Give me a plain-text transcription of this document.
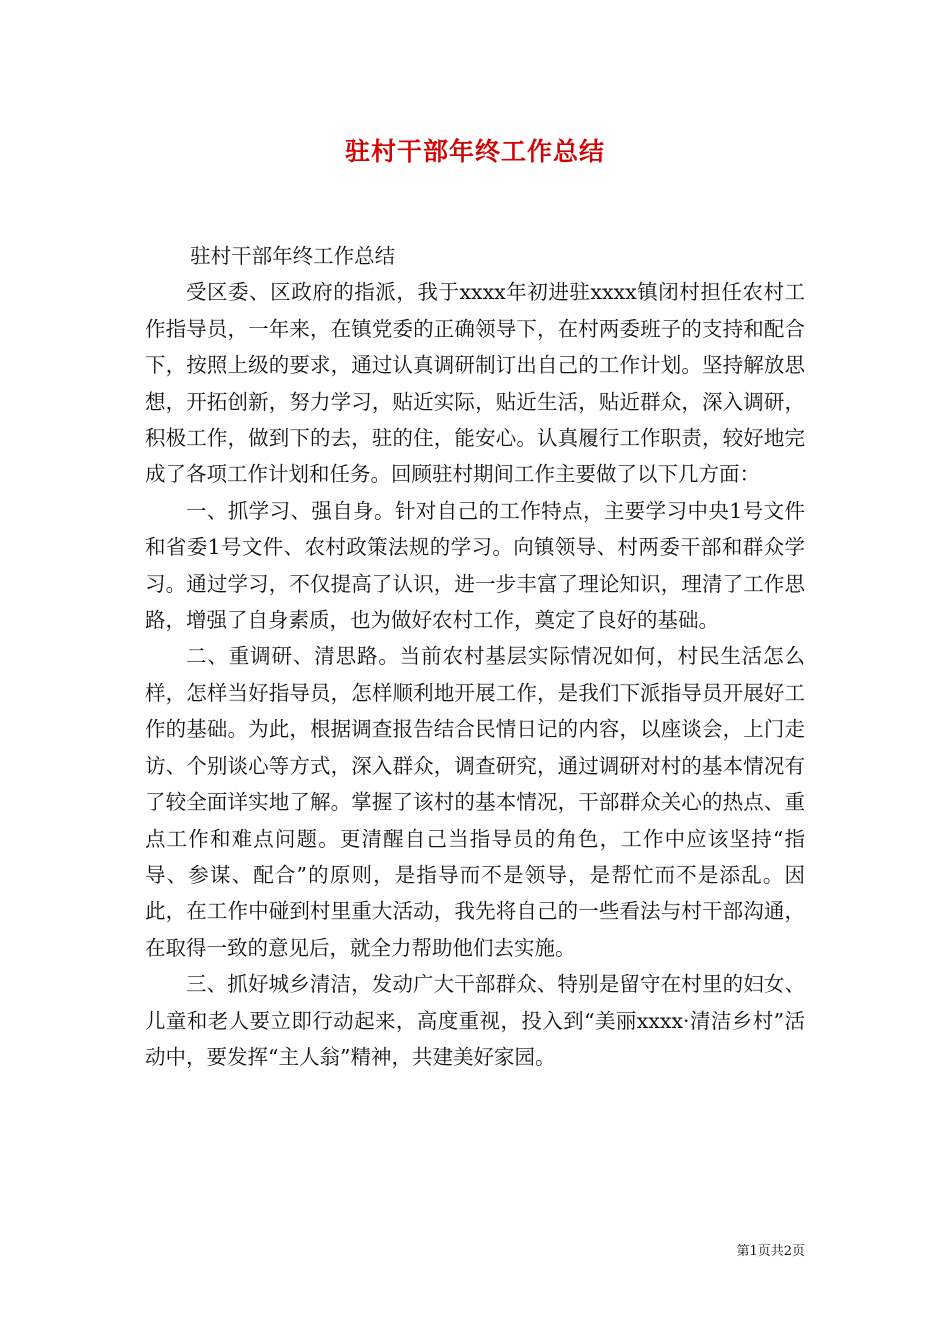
驻村干部年终工作总结

驻村干部年终工作总结

受区委、区政府的指派，我于xxxx年初进驻xxxx镇闭村担任农村工作指导员，一年来，在镇党委的正确领导下，在村两委班子的支持和配合下，按照上级的要求，通过认真调研制订出自己的工作计划。坚持解放思想，开拓创新，努力学习，贴近实际，贴近生活，贴近群众，深入调研，积极工作，做到下的去，驻的住，能安心。认真履行工作职责，较好地完成了各项工作计划和任务。回顾驻村期间工作主要做了以下几方面：

一、抓学习、强自身。针对自己的工作特点，主要学习中央1号文件和省委1号文件、农村政策法规的学习。向镇领导、村两委干部和群众学习。通过学习，不仅提高了认识，进一步丰富了理论知识，理清了工作思路，增强了自身素质，也为做好农村工作，奠定了良好的基础。

二、重调研、清思路。当前农村基层实际情况如何，村民生活怎么样，怎样当好指导员，怎样顺利地开展工作，是我们下派指导员开展好工作的基础。为此，根据调查报告结合民情日记的内容，以座谈会，上门走访、个别谈心等方式，深入群众，调查研究，通过调研对村的基本情况有了较全面详实地了解。掌握了该村的基本情况，干部群众关心的热点、重点工作和难点问题。更清醒自己当指导员的角色，工作中应该坚持“指导、参谋、配合”的原则，是指导而不是领导，是帮忙而不是添乱。因此，在工作中碰到村里重大活动，我先将自己的一些看法与村干部沟通，在取得一致的意见后，就全力帮助他们去实施。

三、抓好城乡清洁，发动广大干部群众、特别是留守在村里的妇女、儿童和老人要立即行动起来，高度重视，投入到“美丽xxxx·清洁乡村”活动中，要发挥“主人翁”精神，共建美好家园。

第1页共2页
